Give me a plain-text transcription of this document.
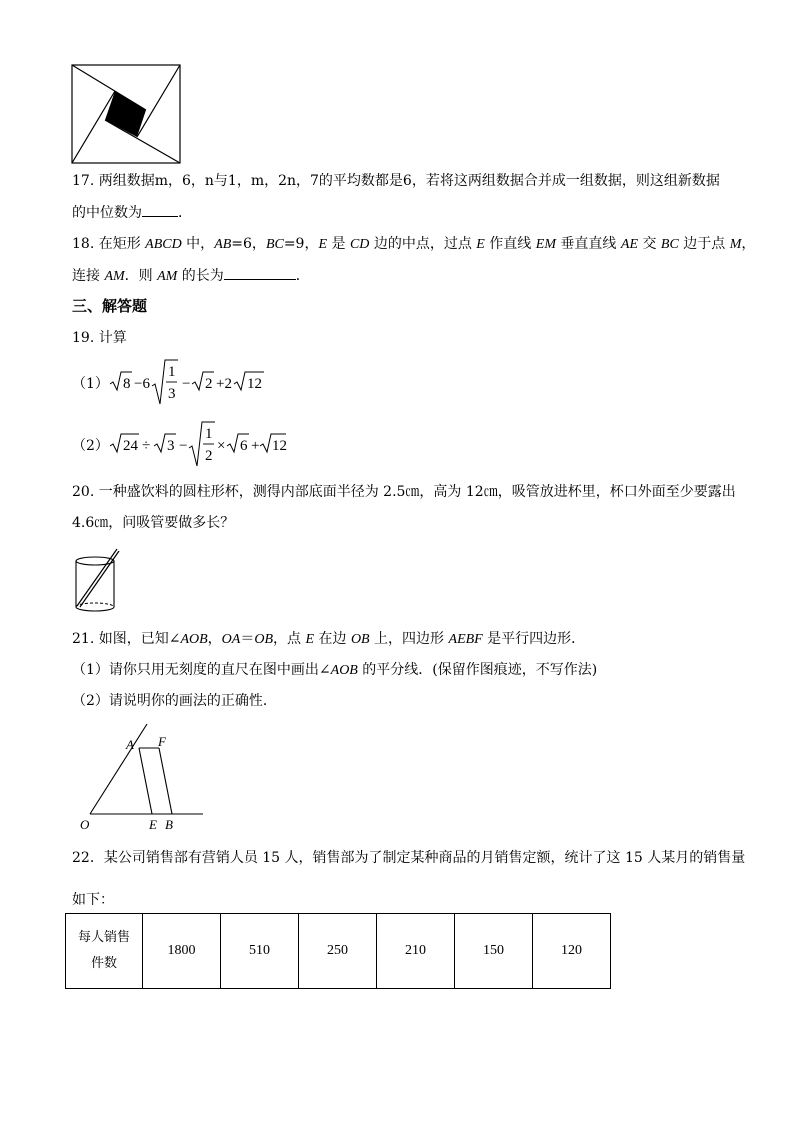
17. 两组数据m，6，n与1，m，2n，7的平均数都是6，若将这两组数据合并成一组数据，则这组新数据
的中位数为	．
18. 在矩形 ABCD 中，AB=6，BC=9，E 是 CD 边的中点，过点 E 作直线 EM 垂直直线 AE 交 BC 边于点 M，
连接 AM．则 AM 的长为	．
三、解答题
19. 计算
（1） 8 −6
1
3
− 2 +2 12
（2） 24 ÷ 3 −
1
2
× 6 + 12
20. 一种盛饮料的圆柱形杯，测得内部底面半径为 2.5㎝，高为 12㎝，吸管放进杯里，杯口外面至少要露出
4.6㎝，问吸管要做多长？
21. 如图，已知∠AOB，OA＝OB，点 E 在边 OB 上，四边形 AEBF 是平行四边形．
（1）请你只用无刻度的直尺在图中画出∠AOB 的平分线．(保留作图痕迹，不写作法)
（2）请说明你的画法的正确性．
A F
O	E B
22．某公司销售部有营销人员 15 人，销售部为了制定某种商品的月销售定额，统计了这 15 人某月的销售量
如下：
每人销售
件数
	1800	510	250	210	150	120
